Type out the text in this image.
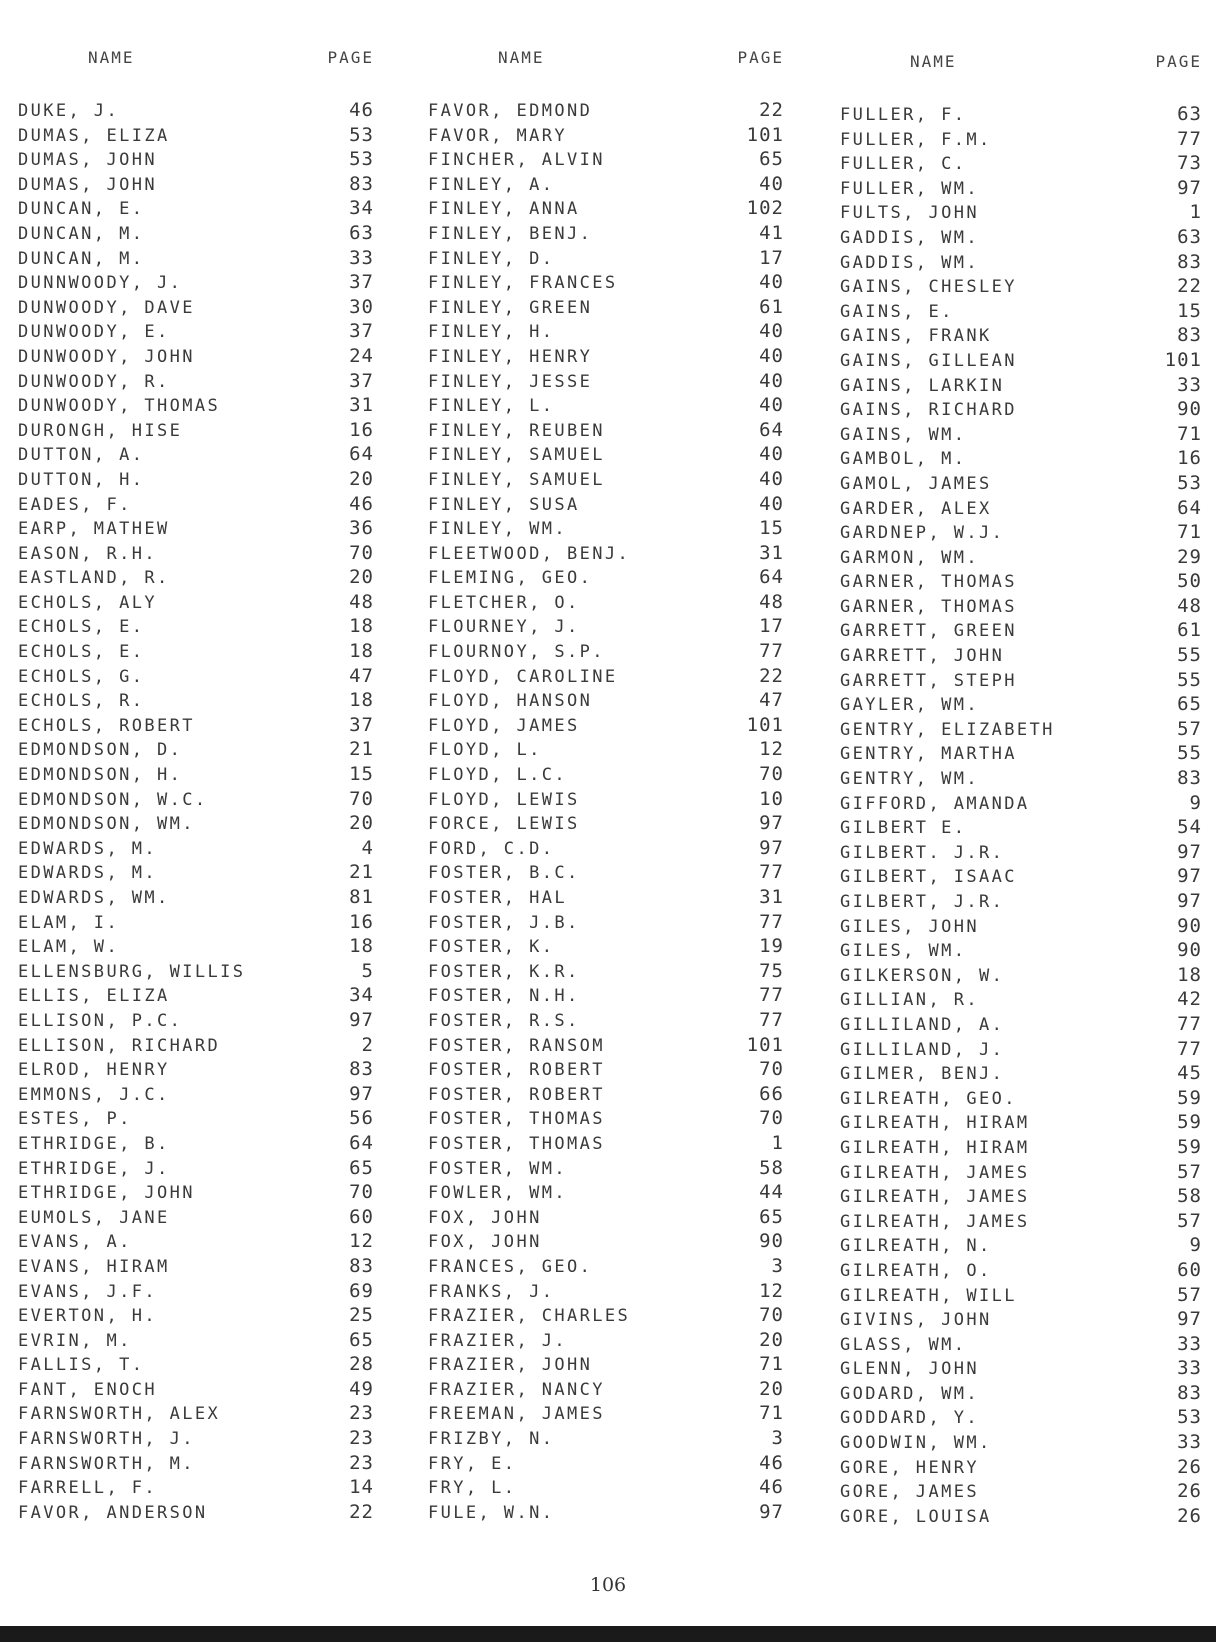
NAME	PAGE
DUKE, J.	46
DUMAS, ELIZA	53
DUMAS, JOHN	53
DUMAS, JOHN	83
DUNCAN, E.	34
DUNCAN, M.	63
DUNCAN, M.	33
DUNNWOODY, J.	37
DUNWOODY, DAVE	30
DUNWOODY, E.	37
DUNWOODY, JOHN	24
DUNWOODY, R.	37
DUNWOODY, THOMAS	31
DURONGH, HISE	16
DUTTON, A.	64
DUTTON, H.	20
EADES, F.	46
EARP, MATHEW	36
EASON, R.H.	70
EASTLAND, R.	20
ECHOLS, ALY	48
ECHOLS, E.	18
ECHOLS, E.	18
ECHOLS, G.	47
ECHOLS, R.	18
ECHOLS, ROBERT	37
EDMONDSON, D.	21
EDMONDSON, H.	15
EDMONDSON, W.C.	70
EDMONDSON, WM.	20
EDWARDS, M.	4
EDWARDS, M.	21
EDWARDS, WM.	81
ELAM, I.	16
ELAM, W.	18
ELLENSBURG, WILLIS	5
ELLIS, ELIZA	34
ELLISON, P.C.	97
ELLISON, RICHARD	2
ELROD, HENRY	83
EMMONS, J.C.	97
ESTES, P.	56
ETHRIDGE, B.	64
ETHRIDGE, J.	65
ETHRIDGE, JOHN	70
EUMOLS, JANE	60
EVANS, A.	12
EVANS, HIRAM	83
EVANS, J.F.	69
EVERTON, H.	25
EVRIN, M.	65
FALLIS, T.	28
FANT, ENOCH	49
FARNSWORTH, ALEX	23
FARNSWORTH, J.	23
FARNSWORTH, M.	23
FARRELL, F.	14
FAVOR, ANDERSON	22
NAME	PAGE
FAVOR, EDMOND	22
FAVOR, MARY	101
FINCHER, ALVIN	65
FINLEY, A.	40
FINLEY, ANNA	102
FINLEY, BENJ.	41
FINLEY, D.	17
FINLEY, FRANCES	40
FINLEY, GREEN	61
FINLEY, H.	40
FINLEY, HENRY	40
FINLEY, JESSE	40
FINLEY, L.	40
FINLEY, REUBEN	64
FINLEY, SAMUEL	40
FINLEY, SAMUEL	40
FINLEY, SUSA	40
FINLEY, WM.	15
FLEETWOOD, BENJ.	31
FLEMING, GEO.	64
FLETCHER, O.	48
FLOURNEY, J.	17
FLOURNOY, S.P.	77
FLOYD, CAROLINE	22
FLOYD, HANSON	47
FLOYD, JAMES	101
FLOYD, L.	12
FLOYD, L.C.	70
FLOYD, LEWIS	10
FORCE, LEWIS	97
FORD, C.D.	97
FOSTER, B.C.	77
FOSTER, HAL	31
FOSTER, J.B.	77
FOSTER, K.	19
FOSTER, K.R.	75
FOSTER, N.H.	77
FOSTER, R.S.	77
FOSTER, RANSOM	101
FOSTER, ROBERT	70
FOSTER, ROBERT	66
FOSTER, THOMAS	70
FOSTER, THOMAS	1
FOSTER, WM.	58
FOWLER, WM.	44
FOX, JOHN	65
FOX, JOHN	90
FRANCES, GEO.	3
FRANKS, J.	12
FRAZIER, CHARLES	70
FRAZIER, J.	20
FRAZIER, JOHN	71
FRAZIER, NANCY	20
FREEMAN, JAMES	71
FRIZBY, N.	3
FRY, E.	46
FRY, L.	46
FULE, W.N.	97
NAME	PAGE
FULLER, F.	63
FULLER, F.M.	77
FULLER, C.	73
FULLER, WM.	97
FULTS, JOHN	1
GADDIS, WM.	63
GADDIS, WM.	83
GAINS, CHESLEY	22
GAINS, E.	15
GAINS, FRANK	83
GAINS, GILLEAN	101
GAINS, LARKIN	33
GAINS, RICHARD	90
GAINS, WM.	71
GAMBOL, M.	16
GAMOL, JAMES	53
GARDER, ALEX	64
GARDNEP, W.J.	71
GARMON, WM.	29
GARNER, THOMAS	50
GARNER, THOMAS	48
GARRETT, GREEN	61
GARRETT, JOHN	55
GARRETT, STEPH	55
GAYLER, WM.	65
GENTRY, ELIZABETH	57
GENTRY, MARTHA	55
GENTRY, WM.	83
GIFFORD, AMANDA	9
GILBERT E.	54
GILBERT. J.R.	97
GILBERT, ISAAC	97
GILBERT, J.R.	97
GILES, JOHN	90
GILES, WM.	90
GILKERSON, W.	18
GILLIAN, R.	42
GILLILAND, A.	77
GILLILAND, J.	77
GILMER, BENJ.	45
GILREATH, GEO.	59
GILREATH, HIRAM	59
GILREATH, HIRAM	59
GILREATH, JAMES	57
GILREATH, JAMES	58
GILREATH, JAMES	57
GILREATH, N.	9
GILREATH, O.	60
GILREATH, WILL	57
GIVINS, JOHN	97
GLASS, WM.	33
GLENN, JOHN	33
GODARD, WM.	83
GODDARD, Y.	53
GOODWIN, WM.	33
GORE, HENRY	26
GORE, JAMES	26
GORE, LOUISA	26
106
